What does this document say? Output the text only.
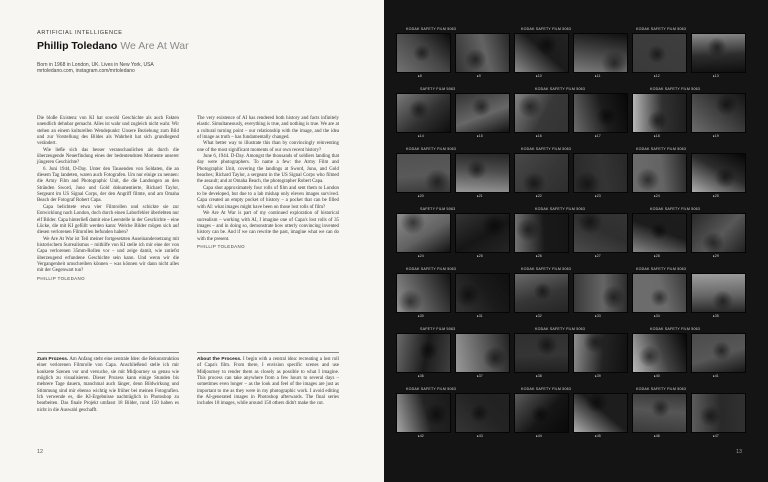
ARTIFICIAL INTELLIGENCE
Phillip Toledano We Are At War
Born in 1968 in London, UK. Lives in New York, USA
mrtoledano.com, instagram.com/mrtoledano

Die bloße Existenz von KI hat sowohl Geschichte als auch Fakten unendlich dehnbar gemacht. Alles ist wahr und zugleich nicht wahr. Wir stehen an einem kulturellen Wendepunkt: Unsere Beziehung zum Bild und zur Vorstellung des Bildes als Wahrheit hat sich grundlegend verändert.

Wie ließe sich das besser veranschaulichen als durch die überzeugende Neuerfindung eines der bedeutendsten Momente unserer jüngeren Geschichte?

6. Juni 1944, D-Day. Unter den Tausenden von Soldaten, die an diesem Tag landeten, waren auch Fotografen. Um nur einige zu nennen: die Army Film and Photographic Unit, die die Landungen an den Stränden Sword, Juno und Gold dokumentierte, Richard Taylor, Sergeant im US Signal Corps, der den Angriff filmte, und am Omaha Beach der Fotograf Robert Capa.

Capa belichtete etwa vier Filmrollen und schickte sie zur Entwicklung nach London, doch durch einen Laborfehler überlebten nur elf Bilder. Capa hinterließ damit eine Leerstelle in der Geschichte – eine Lücke, die mit KI gefüllt werden kann: Welche Bilder mögen sich auf diesen verlorenen Filmrollen befunden haben?

We Are At War ist Teil meiner fortgesetzten Auseinandersetzung mit historischem Surrealismus – mithilfe von KI stelle ich mir eine der von Capa verlorenen 35mm-Rollen vor – und zeige damit, wie zutiefst überzeugend erfundene Geschichte sein kann. Und wenn wir die Vergangenheit umschreiben können – was können wir dann nicht alles mit der Gegenwart tun?

PHILLIP TOLEDANO

The very existence of AI has rendered both history and facts infinitely elastic. Simultaneously, everything is true, and nothing is true. We are at a cultural turning point – our relationship with the image, and the idea of image as truth – has fundamentally changed.

What better way to illustrate this than by convincingly reinventing one of the most significant moments of our own recent history?

June 6, 1944. D-Day. Amongst the thousands of soldiers landing that day were photographers. To name a few: the Army Film and Photographic Unit, covering the landings at Sword, Juno, and Gold beaches; Richard Taylor, a sergeant in the US Signal Corps who filmed the assault; and at Omaha Beach, the photographer Robert Capa.

Capa shot approximately four rolls of film and sent them to London to be developed, but due to a lab mishap only eleven images survived. Capa created an empty pocket of history – a pocket that can be filled with AI: what images might have been on those lost rolls of film?

We Are At War is part of my continued exploration of historical surrealism – working with AI, I imagine one of Capa's lost rolls of 35 images – and in doing so, demonstrate how utterly convincing invented history can be. And if we can rewrite the past, imagine what we can do with the present.

PHILLIP TOLEDANO

Zum Prozess. Am Anfang steht eine zentrale Idee: die Rekonstruktion einer verlorenen Filmrolle von Capa. Anschließend stelle ich mir konkrete Szenen vor und versuche, sie mit Midjourney so genau wie möglich zu visualisieren. Dieser Prozess kann einige Stunden bis mehrere Tage dauern, manchmal auch länger, denn Bildwirkung und Stimmung sind mir ebenso wichtig wie früher bei meinen Fotografien. Ich verwende es, die KI-Ergebnisse nachträglich in Photoshop zu bearbeiten. Das finale Projekt umfasst 18 Bilder, rund 150 haben es nicht in die Auswahl geschafft.
About the Process. I begin with a central idea: recreating a lost roll of Capa's film. From there, I envision specific scenes and use Midjourney to render them as closely as possible to what I imagine. This process can take anywhere from a few hours to several days – sometimes even longer – as the look and feel of the images are just as important to me as they were in my photographic work. I avoid editing the AI-generated images in Photoshop afterwards. The final series includes 18 images, while around 150 others didn't make the cut.
12	13
KODAK SAFETY FILM 5063	KODAK SAFETY FILM 5063	KODAK SAFETY FILM 5063
▸8	▸9	▸10	▸11	▸12	▸13
SAFETY FILM 5063	KODAK SAFETY FILM 5063	KODAK SAFETY FILM 5063
▸14	▸15	▸16	▸17	▸18	▸19
KODAK SAFETY FILM 5063	KODAK SAFETY FILM 5063	KODAK SAFETY FILM 5063
▸20	▸21	▸22	▸23	▸24	▸25
SAFETY FILM 5063	KODAK SAFETY FILM 5063	KODAK SAFETY FILM 5063
▸24	▸25	▸26	▸27	▸28	▸29
KODAK SAFETY FILM 5063	KODAK SAFETY FILM 5063	KODAK SAFETY FILM 5063
▸30	▸31	▸32	▸33	▸34	▸35
SAFETY FILM 5063	KODAK SAFETY FILM 5063	KODAK SAFETY FILM 5063
▸36	▸37	▸38	▸39	▸40	▸41
KODAK SAFETY FILM 5063	KODAK SAFETY FILM 5063	KODAK SAFETY FILM 5063
▸42	▸43	▸44	▸45	▸46	▸47
